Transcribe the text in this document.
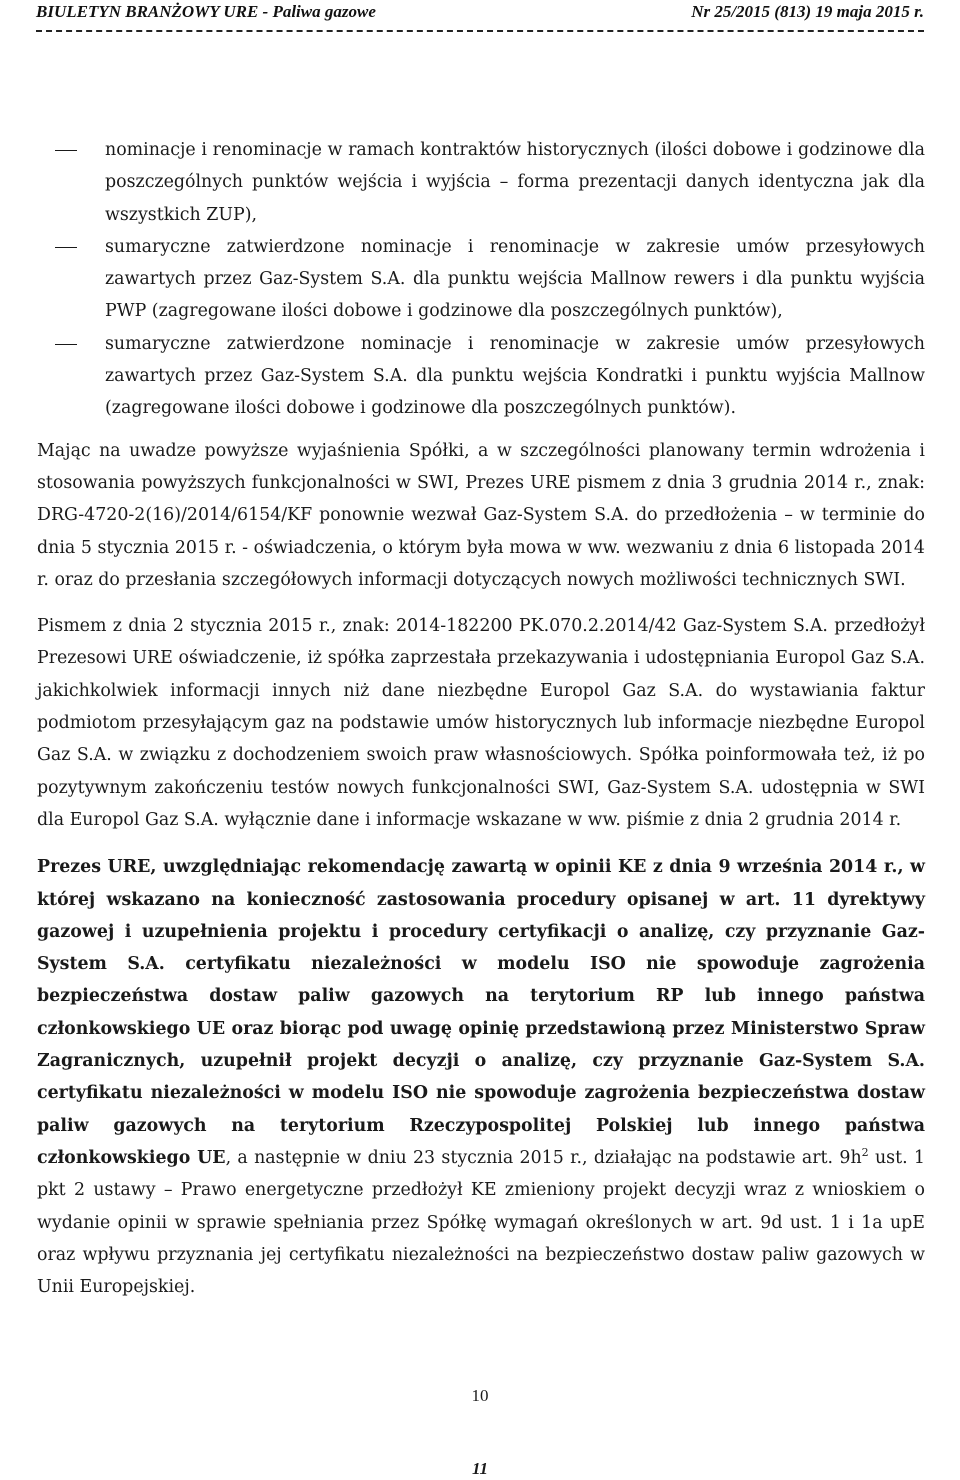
BIULETYN BRANŻOWY URE - Paliwa gazowe	Nr 25/2015 (813) 19 maja 2015 r.
nominacje i renominacje w ramach kontraktów historycznych (ilości dobowe i godzinowe dla poszczególnych punktów wejścia i wyjścia – forma prezentacji danych identyczna jak dla wszystkich ZUP),
sumaryczne zatwierdzone nominacje i renominacje w zakresie umów przesyłowych zawartych przez Gaz-System S.A. dla punktu wejścia Mallnow rewers i dla punktu wyjścia PWP (zagregowane ilości dobowe i godzinowe dla poszczególnych punktów),
sumaryczne zatwierdzone nominacje i renominacje w zakresie umów przesyłowych zawartych przez Gaz-System S.A. dla punktu wejścia Kondratki i punktu wyjścia Mallnow (zagregowane ilości dobowe i godzinowe dla poszczególnych punktów).

Mając na uwadze powyższe wyjaśnienia Spółki, a w szczególności planowany termin wdrożenia i stosowania powyższych funkcjonalności w SWI, Prezes URE pismem z dnia 3 grudnia 2014 r., znak: DRG-4720-2(16)/2014/6154/KF ponownie wezwał Gaz-System S.A. do przedłożenia – w terminie do dnia 5 stycznia 2015 r. - oświadczenia, o którym była mowa w ww. wezwaniu z dnia 6 listopada 2014 r. oraz do przesłania szczegółowych informacji dotyczących nowych możliwości technicznych SWI.

Pismem z dnia 2 stycznia 2015 r., znak: 2014-182200 PK.070.2.2014/42 Gaz-System S.A. przedłożył Prezesowi URE oświadczenie, iż spółka zaprzestała przekazywania i udostępniania Europol Gaz S.A. jakichkolwiek informacji innych niż dane niezbędne Europol Gaz S.A. do wystawiania faktur podmiotom przesyłającym gaz na podstawie umów historycznych lub informacje niezbędne Europol Gaz S.A. w związku z dochodzeniem swoich praw własnościowych. Spółka poinformowała też, iż po pozytywnym zakończeniu testów nowych funkcjonalności SWI, Gaz-System S.A. udostępnia w SWI dla Europol Gaz S.A. wyłącznie dane i informacje wskazane w ww. piśmie z dnia 2 grudnia 2014 r.

Prezes URE, uwzględniając rekomendację zawartą w opinii KE z dnia 9 września 2014 r., w której wskazano na konieczność zastosowania procedury opisanej w art. 11 dyrektywy gazowej i uzupełnienia projektu i procedury certyfikacji o analizę, czy przyznanie Gaz-System S.A. certyfikatu niezależności w modelu ISO nie spowoduje zagrożenia bezpieczeństwa dostaw paliw gazowych na terytorium RP lub innego państwa członkowskiego UE oraz biorąc pod uwagę opinię przedstawioną przez Ministerstwo Spraw Zagranicznych, uzupełnił projekt decyzji o analizę, czy przyznanie Gaz-System S.A. certyfikatu niezależności w modelu ISO nie spowoduje zagrożenia bezpieczeństwa dostaw paliw gazowych na terytorium Rzeczypospolitej Polskiej lub innego państwa członkowskiego UE, a następnie w dniu 23 stycznia 2015 r., działając na podstawie art. $9h^2$ ust. 1 pkt 2 ustawy – Prawo energetyczne przedłożył KE zmieniony projekt decyzji wraz z wnioskiem o wydanie opinii w sprawie spełniania przez Spółkę wymagań określonych w art. 9d ust. 1 i 1a upE oraz wpływu przyznania jej certyfikatu niezależności na bezpieczeństwo dostaw paliw gazowych w Unii Europejskiej.

10
11
